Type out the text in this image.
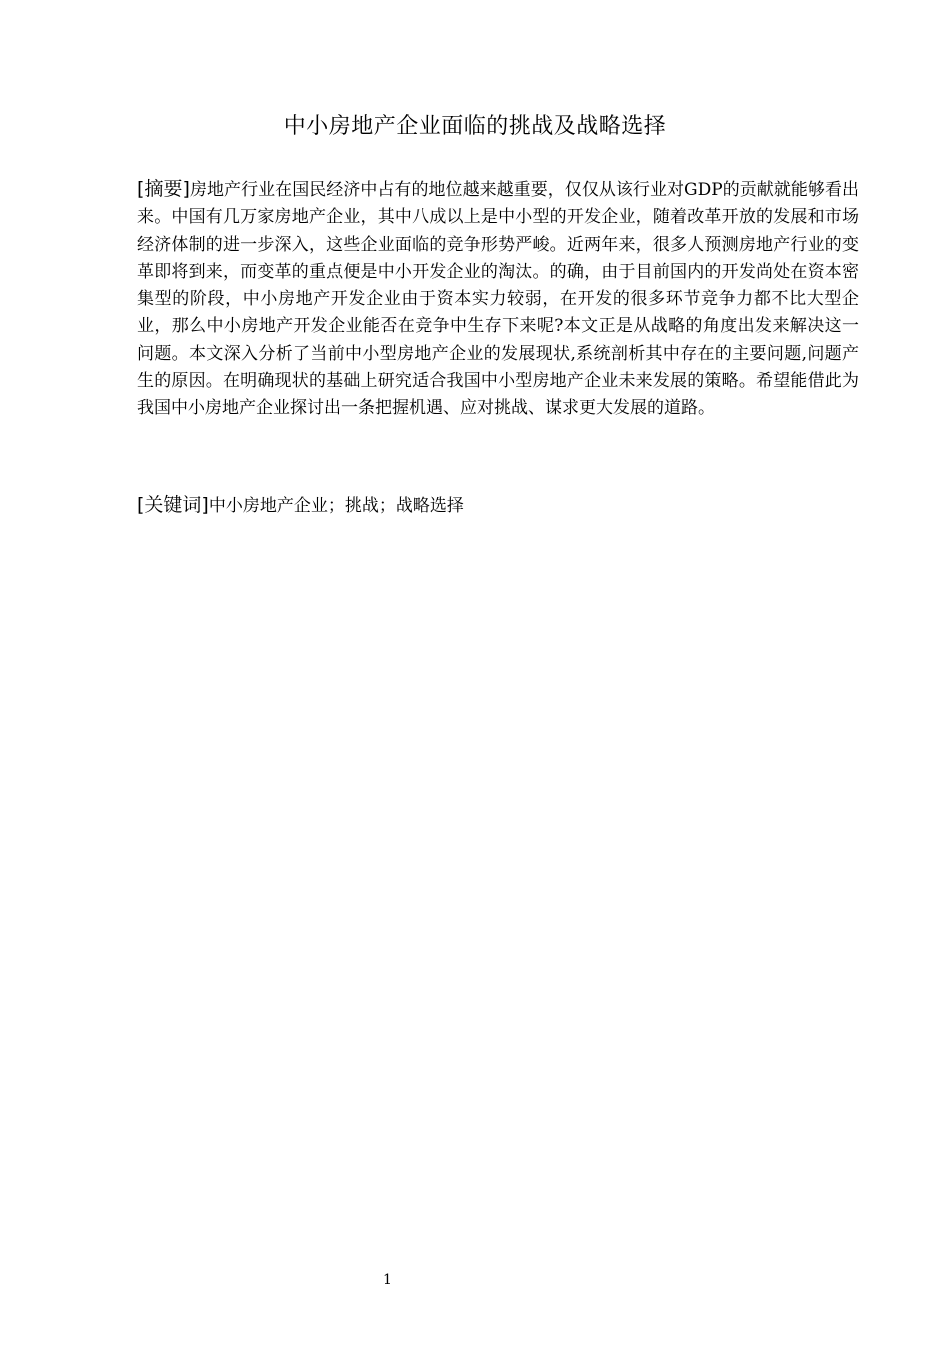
中小房地产企业面临的挑战及战略选择
[摘要]房地产行业在国民经济中占有的地位越来越重要，仅仅从该行业对GDP的贡献就能够看出来。中国有几万家房地产企业，其中八成以上是中小型的开发企业，随着改革开放的发展和市场经济体制的进一步深入，这些企业面临的竞争形势严峻。近两年来，很多人预测房地产行业的变革即将到来，而变革的重点便是中小开发企业的淘汰。的确，由于目前国内的开发尚处在资本密集型的阶段，中小房地产开发企业由于资本实力较弱，在开发的很多环节竞争力都不比大型企业，那么中小房地产开发企业能否在竞争中生存下来呢?本文正是从战略的角度出发来解决这一问题。本文深入分析了当前中小型房地产企业的发展现状,系统剖析其中存在的主要问题,问题产生的原因。在明确现状的基础上研究适合我国中小型房地产企业未来发展的策略。希望能借此为我国中小房地产企业探讨出一条把握机遇、应对挑战、谋求更大发展的道路。
[关键词]中小房地产企业；挑战；战略选择
1
